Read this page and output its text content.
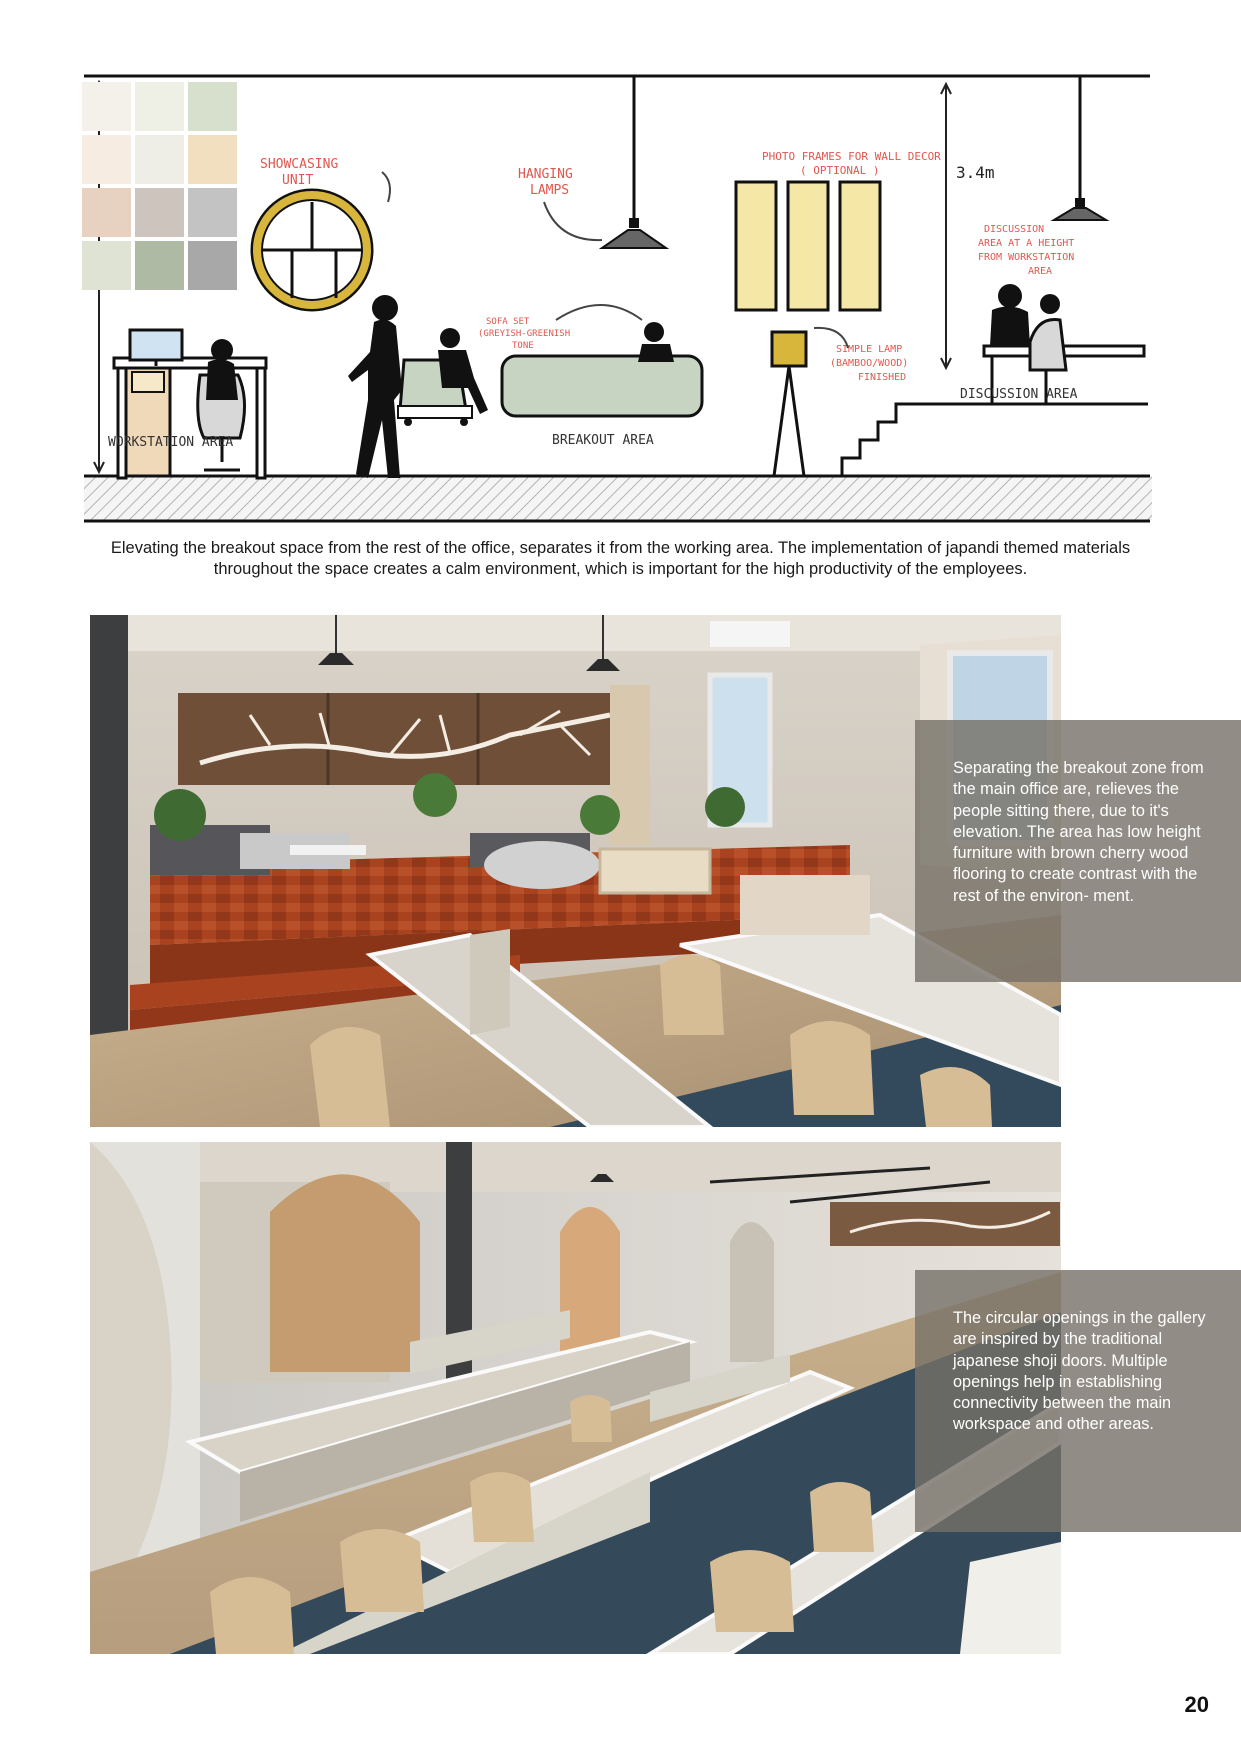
SHOWCASING
UNIT	HANGING
LAMPS
PHOTO FRAMES FOR WALL DECOR
( OPTIONAL )	3.4m
DISCUSSION
AREA AT A HEIGHT
FROM WORKSTATION
AREA
SOFA SET
(GREYISH-GREENISH
TONE	SIMPLE LAMP
(BAMBOO/WOOD)
FINISHED
WORKSTATION AREA	BREAKOUT AREA
DISCUSSION AREA

Elevating the breakout space from the rest of the office, separates it from the working area. The implementation of japandi themed materials throughout the space creates a calm environment, which is important for the high productivity of the employees.

Separating the breakout zone from the main office are, relieves the people sitting there, due to it's elevation. The area has low height furniture with brown cherry wood flooring to create contrast with the rest of the environ- ment.

The circular openings in the gallery are inspired by the traditional japanese shoji doors. Multiple openings help in establishing connectivity between the main workspace and other areas.

20
